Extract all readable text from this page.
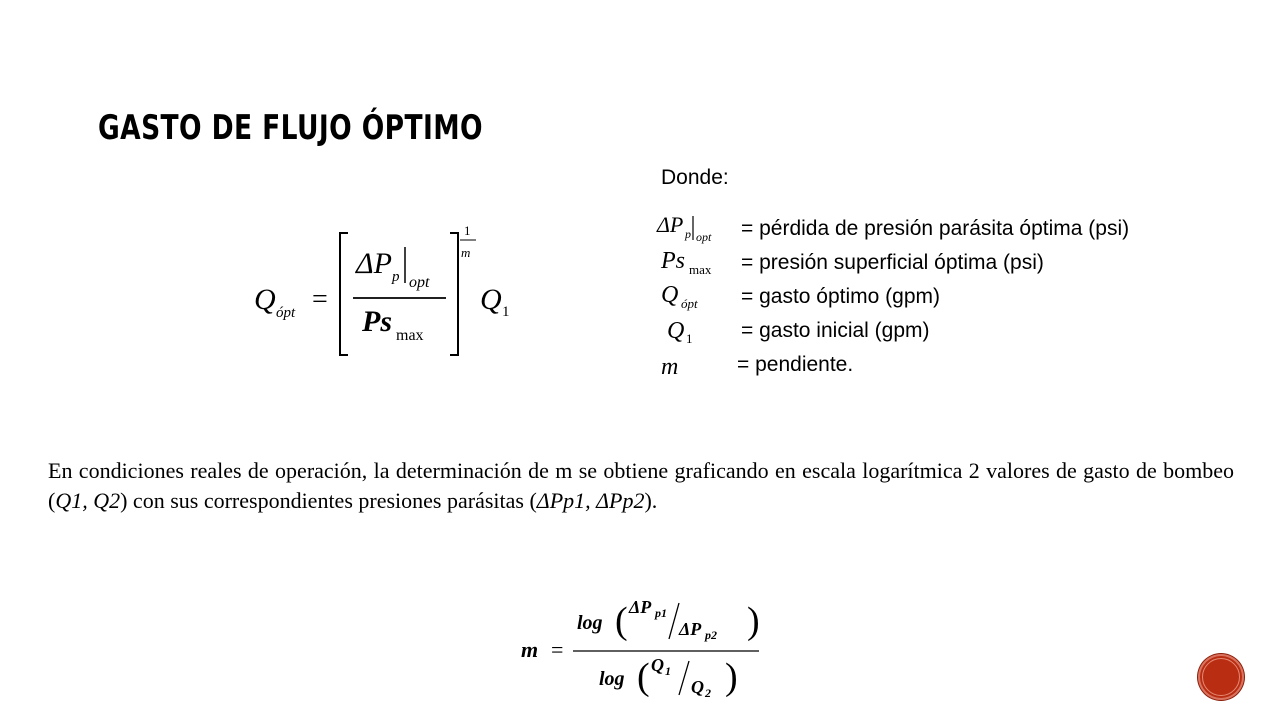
GASTO DE FLUJO ÓPTIMO
Q ópt =
ΔP p opt
Ps max
1
m
Q 1
Donde:
ΔP p opt = pérdida de presión parásita óptima (psi)
Ps max = presión superficial óptima (psi)
Q ópt = gasto óptimo (gpm)
Q 1 = gasto inicial (gpm)
m	= pendiente.
En condiciones reales de operación, la determinación de m se obtiene graficando en escala logarítmica 2 valores de gasto de bombeo (Q1, Q2) con sus correspondientes presiones parásitas (ΔPp1, ΔPp2).
m =
log ( ΔP p1
ΔP p2 )
log ( Q 1
Q 2 )
